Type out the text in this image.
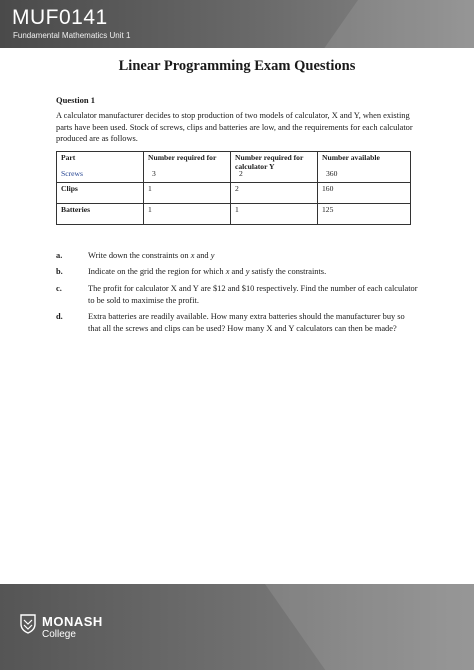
MUF0141
Fundamental Mathematics Unit 1
Linear Programming Exam Questions
Question 1
A calculator manufacturer decides to stop production of two models of calculator, X and Y, when existing parts have been used. Stock of screws, clips and batteries are low, and the requirements for each calculator produced are as follows.
Part	Number required for	Number required for calculator Y	Number available
Clips	1	2	160
Batteries	1	1	125
Screws	3	2	360
a.	Write down the constraints on x and y
b.	Indicate on the grid the region for which x and y satisfy the constraints.
c.	The profit for calculator X and Y are $12 and $10 respectively. Find the number of each calculator to be sold to maximise the profit.
d.	Extra batteries are readily available. How many extra batteries should the manufacturer buy so that all the screws and clips can be used? How many X and Y calculators can then be made?
MONASH
College
